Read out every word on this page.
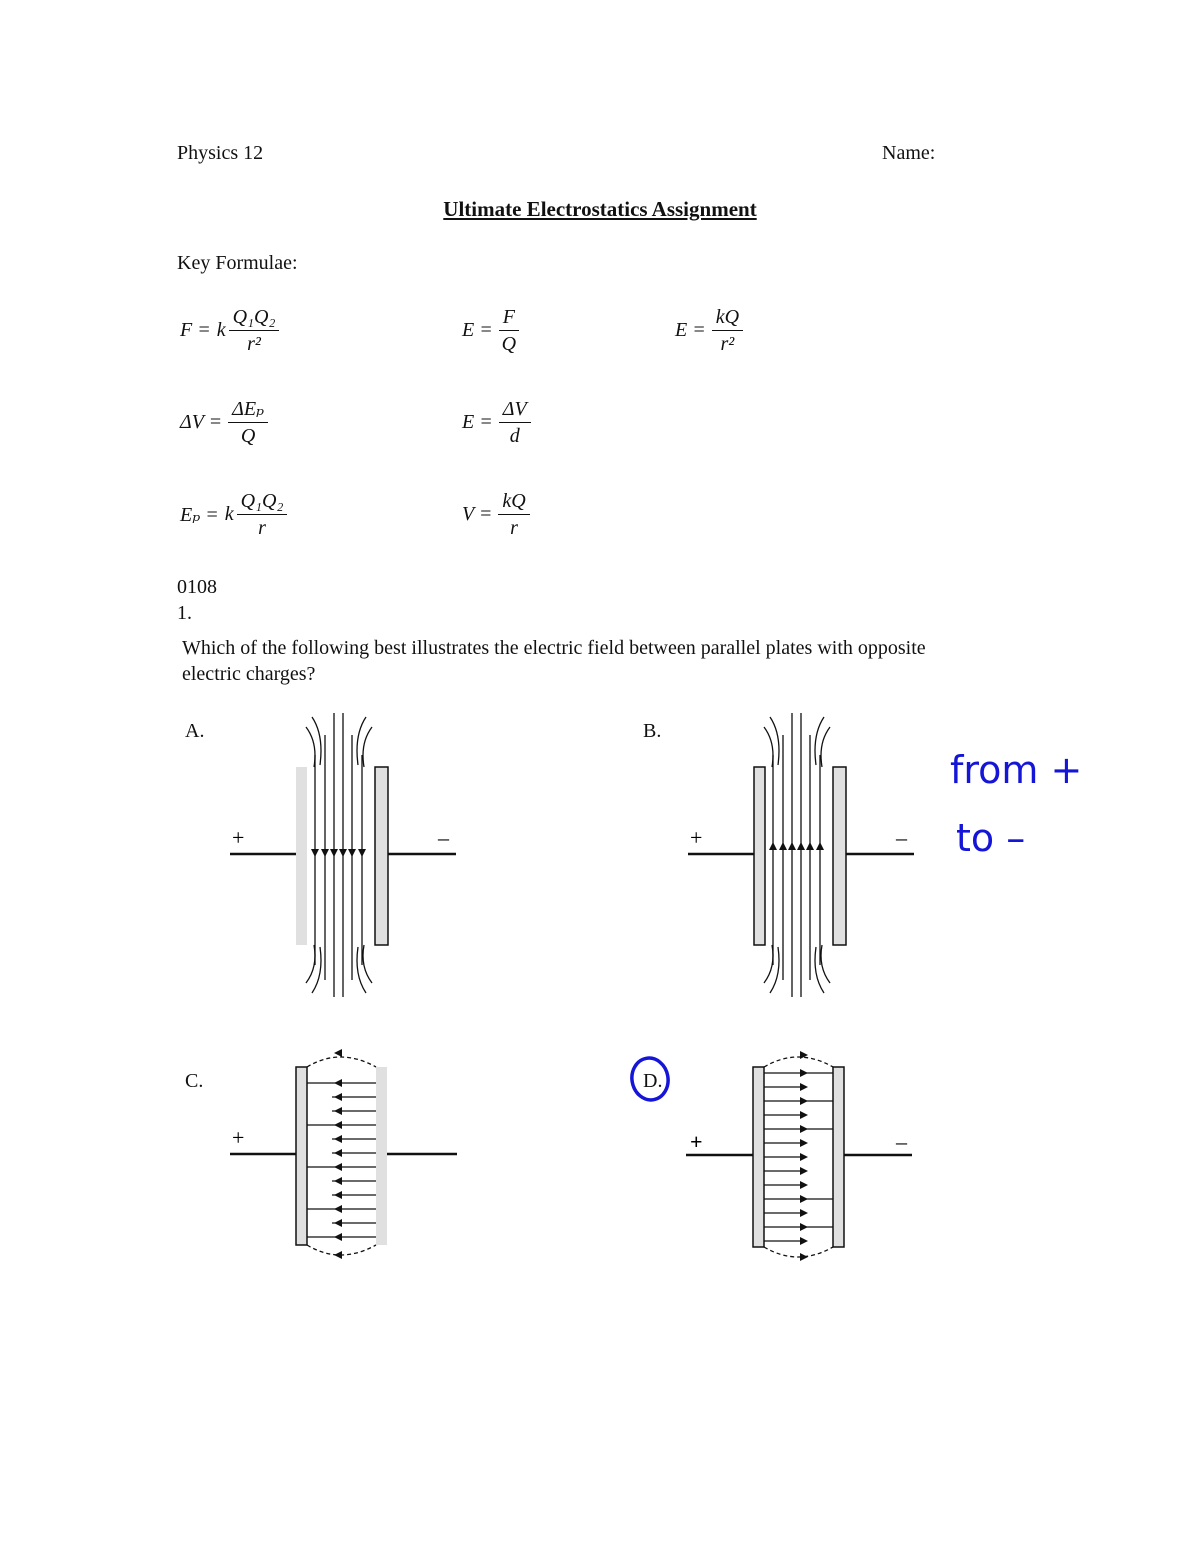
Physics 12	Name:
Ultimate Electrostatics Assignment
Key Formulae:
F = k $\frac{\text{Q₁Q₂}}{\text{r²}}$	$E = \frac{F}{Q}$	$E = \frac{kQ}{\text{r²}}$
$\Delta V = \frac{\text{ΔEₚ}}{Q}$	$E = \frac{\Delta V}{d}$
Eₚ = k $\frac{\text{Q₁Q₂}}{r}$	$V = \frac{kQ}{r}$
0108
1.
Which of the following best illustrates the electric field between parallel plates with opposite
electric charges?
A.	B.
C.	D.
+	–	+	–
+	+	–
from +
to –
